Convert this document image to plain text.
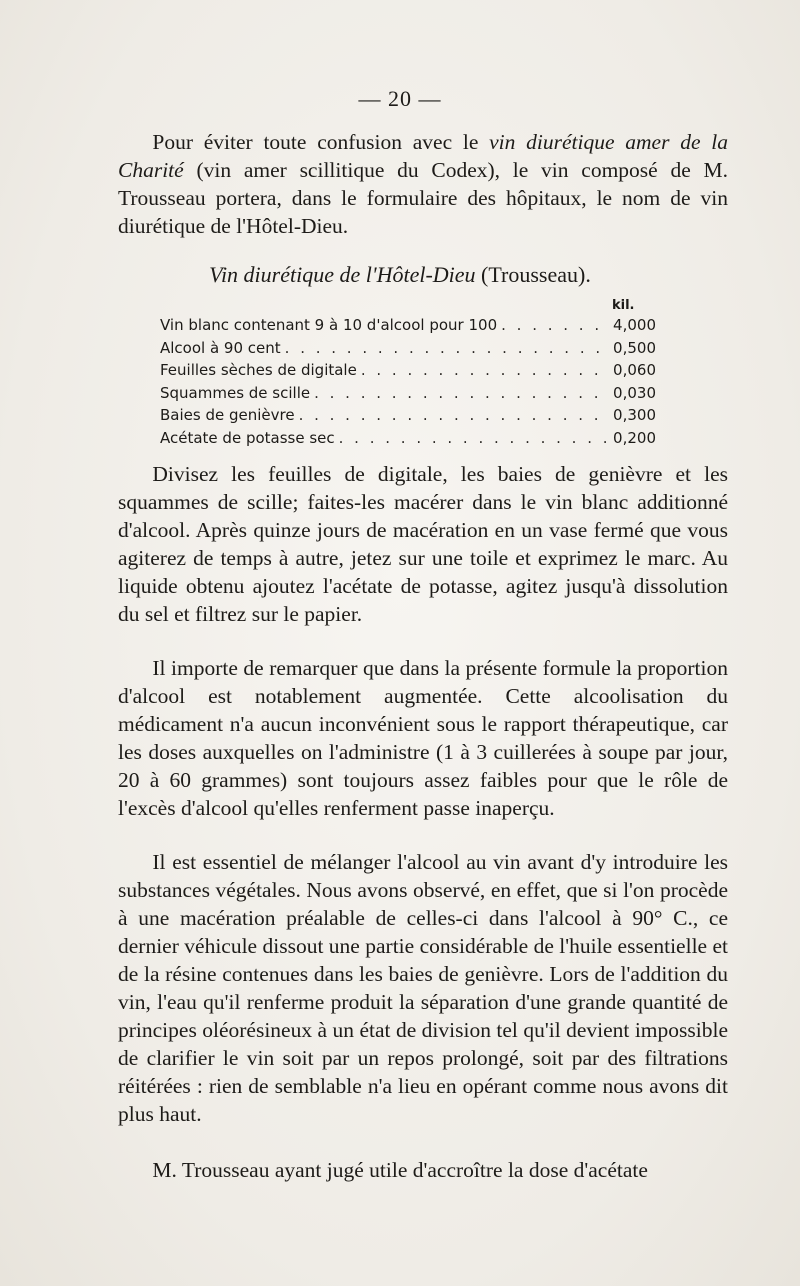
— 20 —
Pour éviter toute confusion avec le vin diurétique amer de la Charité (vin amer scillitique du Codex), le vin composé de M. Trousseau portera, dans le formulaire des hôpitaux, le nom de vin diurétique de l'Hôtel-Dieu.
Vin diurétique de l'Hôtel-Dieu (Trousseau).
kil.
Vin blanc contenant 9 à 10 d'alcool pour 100 . . .	4,000
Alcool à 90 cent . . .	0,500
Feuilles sèches de digitale . . .	0,060
Squammes de scille . . .	0,030
Baies de genièvre . . .	0,300
Acétate de potasse sec . . .	0,200
Divisez les feuilles de digitale, les baies de genièvre et les squammes de scille; faites-les macérer dans le vin blanc additionné d'alcool. Après quinze jours de macération en un vase fermé que vous agiterez de temps à autre, jetez sur une toile et exprimez le marc. Au liquide obtenu ajoutez l'acétate de potasse, agitez jusqu'à dissolution du sel et filtrez sur le papier.
Il importe de remarquer que dans la présente formule la proportion d'alcool est notablement augmentée. Cette alcoolisation du médicament n'a aucun inconvénient sous le rapport thérapeutique, car les doses auxquelles on l'administre (1 à 3 cuillerées à soupe par jour, 20 à 60 grammes) sont toujours assez faibles pour que le rôle de l'excès d'alcool qu'elles renferment passe inaperçu.
Il est essentiel de mélanger l'alcool au vin avant d'y introduire les substances végétales. Nous avons observé, en effet, que si l'on procède à une macération préalable de celles-ci dans l'alcool à 90° C., ce dernier véhicule dissout une partie considérable de l'huile essentielle et de la résine contenues dans les baies de genièvre. Lors de l'addition du vin, l'eau qu'il renferme produit la séparation d'une grande quantité de principes oléorésineux à un état de division tel qu'il devient impossible de clarifier le vin soit par un repos prolongé, soit par des filtrations réitérées : rien de semblable n'a lieu en opérant comme nous avons dit plus haut.
M. Trousseau ayant jugé utile d'accroître la dose d'acétate
